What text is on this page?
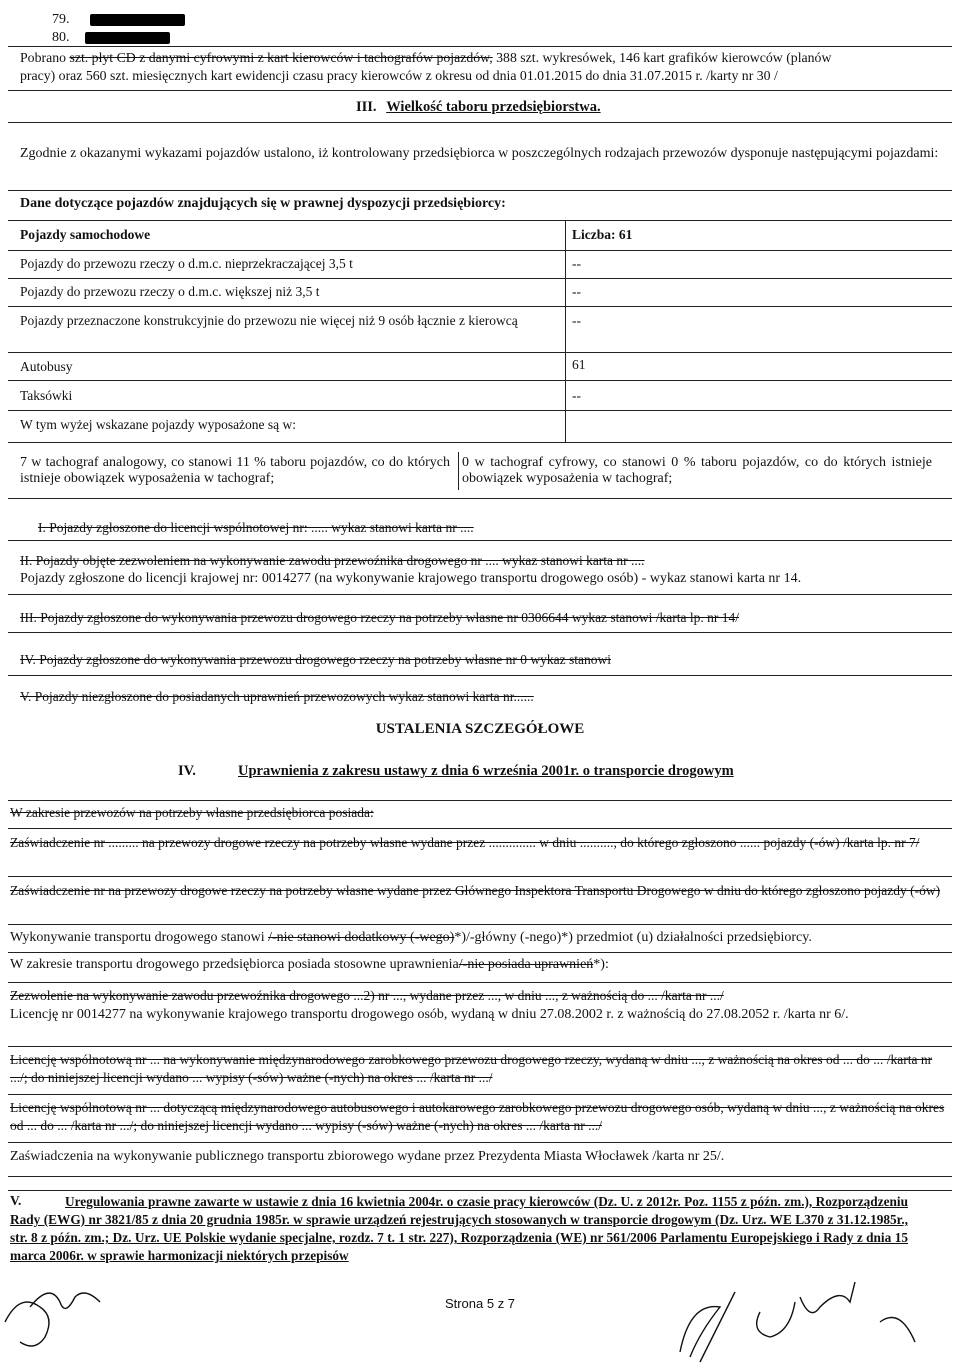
79.
80.
Pobrano szt. płyt CD z danymi cyfrowymi z kart kierowców i tachografów pojazdów, 388 szt. wykresówek, 146 kart grafików kierowców (planów
pracy) oraz 560 szt. miesięcznych kart ewidencji czasu pracy kierowców z okresu od dnia 01.01.2015 do dnia 31.07.2015 r. /karty nr 30 /
III. Wielkość taboru przedsiębiorstwa.
Zgodnie z okazanymi wykazami pojazdów ustalono, iż kontrolowany przedsiębiorca w poszczególnych rodzajach przewozów dysponuje następującymi pojazdami:
Dane dotyczące pojazdów znajdujących się w prawnej dyspozycji przedsiębiorcy:
Pojazdy samochodowe	Liczba: 61
Pojazdy do przewozu rzeczy o d.m.c. nieprzekraczającej 3,5 t	--
Pojazdy do przewozu rzeczy o d.m.c. większej niż 3,5 t	--
Pojazdy przeznaczone konstrukcyjnie do przewozu nie więcej niż 9 osób łącznie z kierowcą	--
Autobusy	61
Taksówki	--
W tym wyżej wskazane pojazdy wyposażone są w:
7 w tachograf analogowy, co stanowi 11 % taboru pojazdów, co do których istnieje obowiązek wyposażenia w tachograf;
0 w tachograf cyfrowy, co stanowi 0 % taboru pojazdów, co do których istnieje obowiązek wyposażenia w tachograf;
I. Pojazdy zgłoszone do licencji wspólnotowej nr: ..... wykaz stanowi karta nr ....
II. Pojazdy objęte zezwoleniem na wykonywanie zawodu przewoźnika drogowego nr .... wykaz stanowi karta nr ....
Pojazdy zgłoszone do licencji krajowej nr: 0014277 (na wykonywanie krajowego transportu drogowego osób) - wykaz stanowi karta nr 14.
III. Pojazdy zgłoszone do wykonywania przewozu drogowego rzeczy na potrzeby własne nr 0306644 wykaz stanowi /karta lp. nr 14/
IV. Pojazdy zgłoszone do wykonywania przewozu drogowego rzeczy na potrzeby własne nr 0 wykaz stanowi
V. Pojazdy niezgłoszone do posiadanych uprawnień przewozowych wykaz stanowi karta nr......
USTALENIA SZCZEGÓŁOWE
IV.	Uprawnienia z zakresu ustawy z dnia 6 września 2001r. o transporcie drogowym
W zakresie przewozów na potrzeby własne przedsiębiorca posiada:
Zaświadczenie nr ......... na przewozy drogowe rzeczy na potrzeby własne wydane przez .............. w dniu .........., do którego zgłoszono ...... pojazdy (-ów) /karta lp. nr 7/
Zaświadczenie nr na przewozy drogowe rzeczy na potrzeby własne wydane przez Głównego Inspektora Transportu Drogowego w dniu do którego zgłoszono pojazdy (-ów)
Wykonywanie transportu drogowego stanowi /-nie stanowi dodatkowy (-wego)*)/-główny (-nego)*) przedmiot (u) działalności przedsiębiorcy.
W zakresie transportu drogowego przedsiębiorca posiada stosowne uprawnienia/-nie posiada uprawnień*):
Zezwolenie na wykonywanie zawodu przewoźnika drogowego ...2) nr ..., wydane przez ..., w dniu ..., z ważnością do ... /karta nr .../
Licencję nr 0014277 na wykonywanie krajowego transportu drogowego osób, wydaną w dniu 27.08.2002 r. z ważnością do 27.08.2052 r. /karta nr 6/.
Licencję wspólnotową nr ... na wykonywanie międzynarodowego zarobkowego przewozu drogowego rzeczy, wydaną w dniu ..., z ważnością na okres od ... do ... /karta nr .../; do niniejszej licencji wydano ... wypisy (-sów) ważne (-nych) na okres ... /karta nr .../
Licencję wspólnotową nr ... dotyczącą międzynarodowego autobusowego i autokarowego zarobkowego przewozu drogowego osób, wydaną w dniu ..., z ważnością na okres od ... do ... /karta nr .../; do niniejszej licencji wydano ... wypisy (-sów) ważne (-nych) na okres ... /karta nr .../
Zaświadczenia na wykonywanie publicznego transportu zbiorowego wydane przez Prezydenta Miasta Włocławek /karta nr 25/.
V.	Uregulowania prawne zawarte w ustawie z dnia 16 kwietnia 2004r. o czasie pracy kierowców (Dz. U. z 2012r. Poz. 1155 z późn. zm.), Rozporządzeniu Rady (EWG) nr 3821/85 z dnia 20 grudnia 1985r. w sprawie urządzeń rejestrujących stosowanych w transporcie drogowym (Dz. Urz. WE L370 z 31.12.1985r., str. 8 z późn. zm.; Dz. Urz. UE Polskie wydanie specjalne, rozdz. 7 t. 1 str. 227), Rozporządzenia (WE) nr 561/2006 Parlamentu Europejskiego i Rady z dnia 15 marca 2006r. w sprawie harmonizacji niektórych przepisów
Strona 5 z 7
